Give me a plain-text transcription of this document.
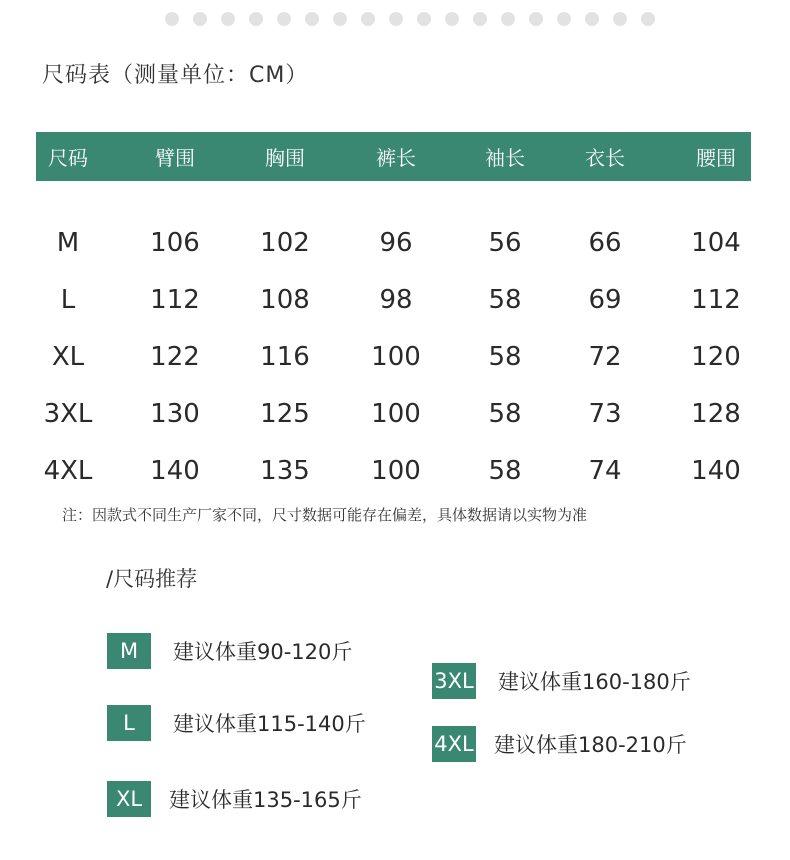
尺码表（测量单位：CM）
尺码	臂围	胸围	裤长	袖长	衣长	腰围
M	106	102	96	56	66	104
L	112	108	98	58	69	112
XL	122	116	100	58	72	120
3XL	130	125	100	58	73	128
4XL	140	135	100	58	74	140
注：因款式不同生产厂家不同，尺寸数据可能存在偏差，具体数据请以实物为准
/尺码推荐
M	建议体重90-120斤
L	建议体重115-140斤
XL	建议体重135-165斤
3XL 建议体重160-180斤
4XL 建议体重180-210斤
